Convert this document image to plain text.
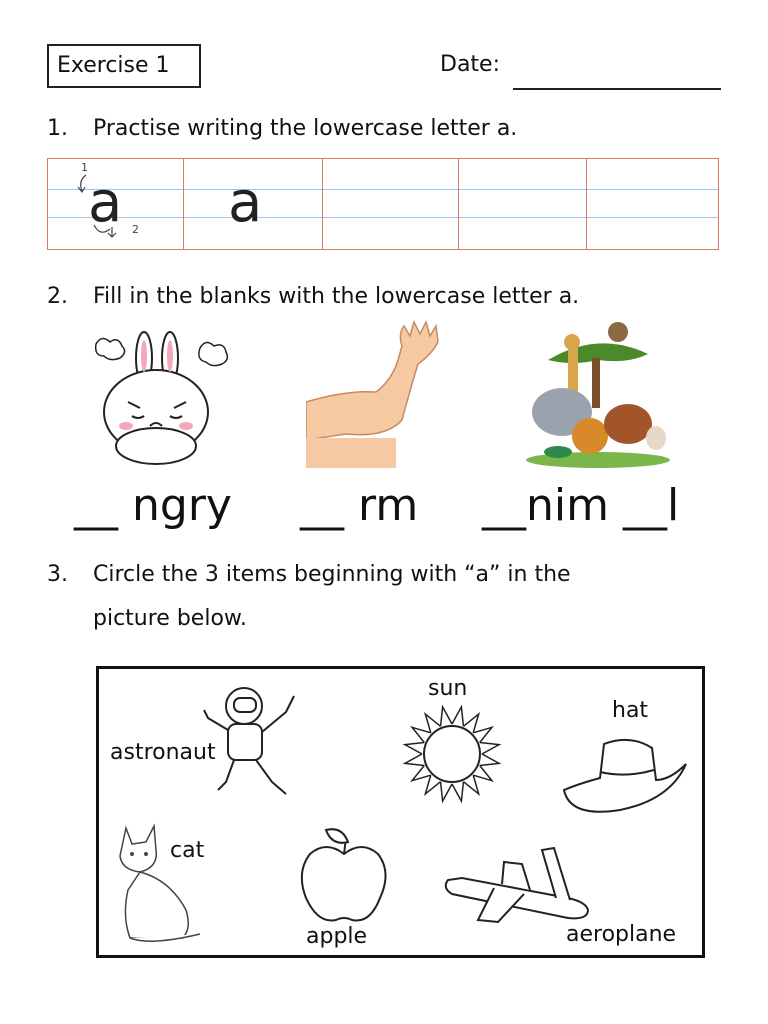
Exercise 1	Date:
1. Practise writing the lowercase letter a.
1
a 2 a
2. Fill in the blanks with the lowercase letter a.
__ ngry __ rm __nim __l
3. Circle the 3 items beginning with “a” in the
picture below.
astronaut
sun
hat
cat
apple	aeroplane
